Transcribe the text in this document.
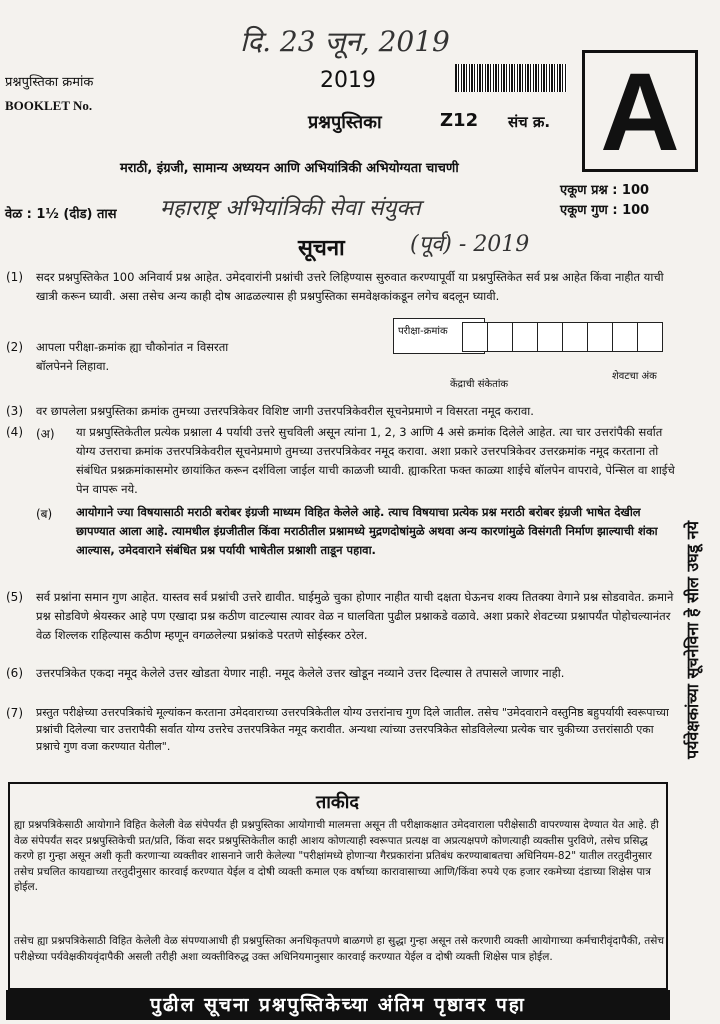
दि. 23 जून, 2019
प्रश्नपुस्तिका क्रमांक
BOOKLET No.
2019
प्रश्नपुस्तिका	Z12 संच क्र. A
मराठी, इंग्रजी, सामान्य अध्ययन आणि अभियांत्रिकी अभियोग्यता चाचणी
एकूण प्रश्न : 100
एकूण गुण : 100
वेळ : 1½ (दीड) तास महाराष्ट्र अभियांत्रिकी सेवा संयुक्त
सूचना	(पूर्व) - 2019
(1) सदर प्रश्नपुस्तिकेत 100 अनिवार्य प्रश्न आहेत. उमेदवारांनी प्रश्नांची उत्तरे लिहिण्यास सुरुवात करण्यापूर्वी या प्रश्नपुस्तिकेत सर्व प्रश्न आहेत किंवा नाहीत याची खात्री करून घ्यावी. असा तसेच अन्य काही दोष आढळल्यास ही प्रश्नपुस्तिका समवेक्षकांकडून लगेच बदलून घ्यावी.
(2) आपला परीक्षा-क्रमांक ह्या चौकोनांत न विसरता बॉलपेनने लिहावा.
परीक्षा-क्रमांक
केंद्राची संकेतांक
शेवटचा अंक
(3) वर छापलेला प्रश्नपुस्तिका क्रमांक तुमच्या उत्तरपत्रिकेवर विशिष्ट जागी उत्तरपत्रिकेवरील सूचनेप्रमाणे न विसरता नमूद करावा.
(4) (अ) या प्रश्नपुस्तिकेतील प्रत्येक प्रश्नाला 4 पर्यायी उत्तरे सुचविली असून त्यांना 1, 2, 3 आणि 4 असे क्रमांक दिलेले आहेत. त्या चार उत्तरांपैकी सर्वात योग्य उत्तराचा क्रमांक उत्तरपत्रिकेवरील सूचनेप्रमाणे तुमच्या उत्तरपत्रिकेवर नमूद करावा. अशा प्रकारे उत्तरपत्रिकेवर उत्तरक्रमांक नमूद करताना तो संबंधित प्रश्नक्रमांकासमोर छायांकित करून दर्शविला जाईल याची काळजी घ्यावी. ह्याकरिता फक्त काळ्या शाईचे बॉलपेन वापरावे, पेन्सिल वा शाईचे पेन वापरू नये.
(ब) आयोगाने ज्या विषयासाठी मराठी बरोबर इंग्रजी माध्यम विहित केलेले आहे. त्याच विषयाचा प्रत्येक प्रश्न मराठी बरोबर इंग्रजी भाषेत देखील छापण्यात आला आहे. त्यामधील इंग्रजीतील किंवा मराठीतील प्रश्नामध्ये मुद्रणदोषांमुळे अथवा अन्य कारणांमुळे विसंगती निर्माण झाल्याची शंका आल्यास, उमेदवाराने संबंधित प्रश्न पर्यायी भाषेतील प्रश्नाशी ताडून पहावा.
(5) सर्व प्रश्नांना समान गुण आहेत. यास्तव सर्व प्रश्नांची उत्तरे द्यावीत. घाईमुळे चुका होणार नाहीत याची दक्षता घेऊनच शक्य तितक्या वेगाने प्रश्न सोडवावेत. क्रमाने प्रश्न सोडविणे श्रेयस्कर आहे पण एखादा प्रश्न कठीण वाटल्यास त्यावर वेळ न घालविता पुढील प्रश्नाकडे वळावे. अशा प्रकारे शेवटच्या प्रश्नापर्यंत पोहोचल्यानंतर वेळ शिल्लक राहिल्यास कठीण म्हणून वगळलेल्या प्रश्नांकडे परतणे सोईस्कर ठरेल.
(6) उत्तरपत्रिकेत एकदा नमूद केलेले उत्तर खोडता येणार नाही. नमूद केलेले उत्तर खोडून नव्याने उत्तर दिल्यास ते तपासले जाणार नाही.
(7) प्रस्तुत परीक्षेच्या उत्तरपत्रिकांचे मूल्यांकन करताना उमेदवाराच्या उत्तरपत्रिकेतील योग्य उत्तरांनाच गुण दिले जातील. तसेच "उमेदवाराने वस्तुनिष्ठ बहुपर्यायी स्वरूपाच्या प्रश्नांची दिलेल्या चार उत्तरापैकी सर्वात योग्य उत्तरेच उत्तरपत्रिकेत नमूद करावीत. अन्यथा त्यांच्या उत्तरपत्रिकेत सोडविलेल्या प्रत्येक चार चुकीच्या उत्तरांसाठी एका प्रश्नाचे गुण वजा करण्यात येतील".
ताकीद
ह्या प्रश्नपत्रिकेसाठी आयोगाने विहित केलेली वेळ संपेपर्यंत ही प्रश्नपुस्तिका आयोगाची मालमत्ता असून ती परीक्षाकक्षात उमेदवाराला परीक्षेसाठी वापरण्यास देण्यात येत आहे. ही वेळ संपेपर्यंत सदर प्रश्नपुस्तिकेची प्रत/प्रति, किंवा सदर प्रश्नपुस्तिकेतील काही आशय कोणत्याही स्वरूपात प्रत्यक्ष वा अप्रत्यक्षपणे कोणत्याही व्यक्तीस पुरविणे, तसेच प्रसिद्ध करणे हा गुन्हा असून अशी कृती करणाऱ्या व्यक्तीवर शासनाने जारी केलेल्या "परीक्षांमध्ये होणाऱ्या गैरप्रकारांना प्रतिबंध करण्याबाबतचा अधिनियम-82" यातील तरतुदीनुसार तसेच प्रचलित कायद्याच्या तरतुदीनुसार कारवाई करण्यात येईल व दोषी व्यक्ती कमाल एक वर्षाच्या कारावासाच्या आणि/किंवा रुपये एक हजार रकमेच्या दंडाच्या शिक्षेस पात्र होईल.
तसेच ह्या प्रश्नपत्रिकेसाठी विहित केलेली वेळ संपण्याआधी ही प्रश्नपुस्तिका अनधिकृतपणे बाळगणे हा सुद्धा गुन्हा असून तसे करणारी व्यक्ती आयोगाच्या कर्मचारीवृंदापैकी, तसेच परीक्षेच्या पर्यवेक्षकीयवृंदापैकी असली तरीही अशा व्यक्तीविरुद्ध उक्त अधिनियमानुसार कारवाई करण्यात येईल व दोषी व्यक्ती शिक्षेस पात्र होईल.
पर्यवेक्षकांच्या सूचनेविना हे सील उघडू नये
पुढील सूचना प्रश्नपुस्तिकेच्या अंतिम पृष्ठावर पहा
